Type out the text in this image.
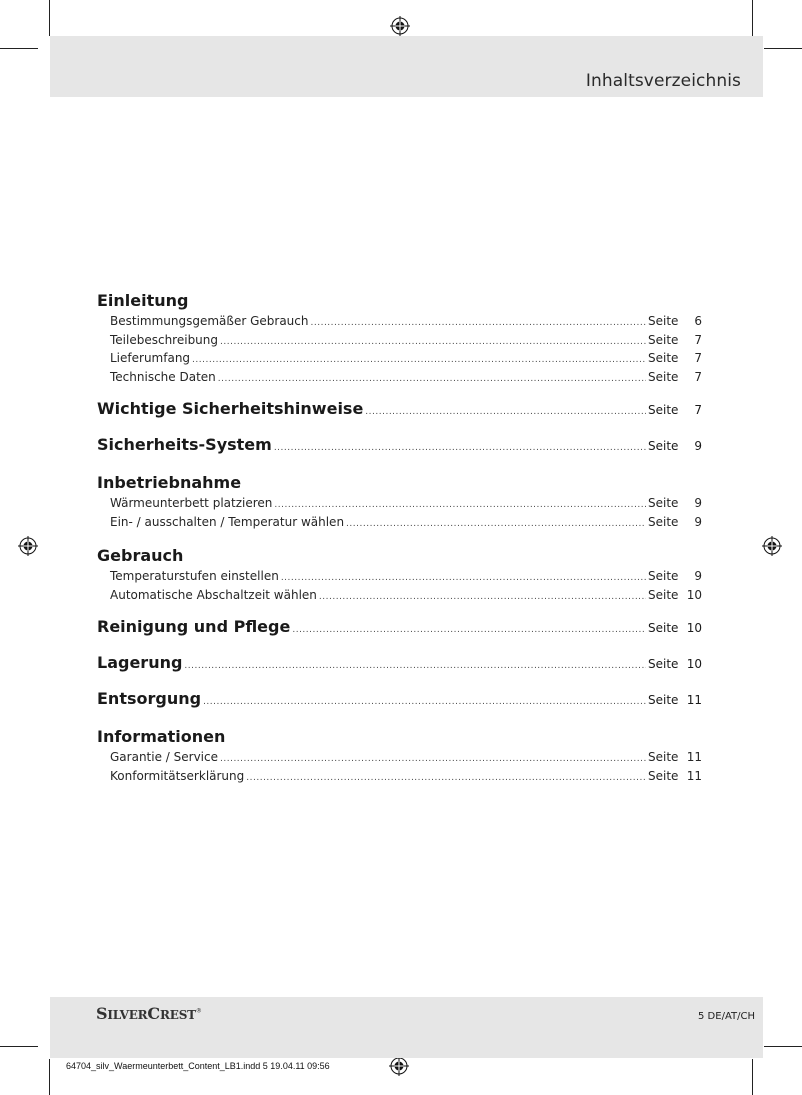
Inhaltsverzeichnis
Einleitung
Bestimmungsgemäßer Gebrauch .....	Seite	6
Teilebeschreibung .....	Seite	7
Lieferumfang .....	Seite	7
Technische Daten .....	Seite	7
Wichtige Sicherheitshinweise .....	Seite	7
Sicherheits-System .....	Seite	9
Inbetriebnahme
Wärmeunterbett platzieren .....	Seite	9
Ein- / ausschalten / Temperatur wählen .....	Seite	9
Gebrauch
Temperaturstufen einstellen .....	Seite	9
Automatische Abschaltzeit wählen .....	Seite 10
Reinigung und Pflege .....	Seite 10
Lagerung .....	Seite 10
Entsorgung .....	Seite 11
Informationen
Garantie / Service .....	Seite 11
Konformitätserklärung .....	Seite 11
SILVERCREST®	5 DE/AT/CH
64704_silv_Waermeunterbett_Content_LB1.indd 5 19.04.11 09:56
